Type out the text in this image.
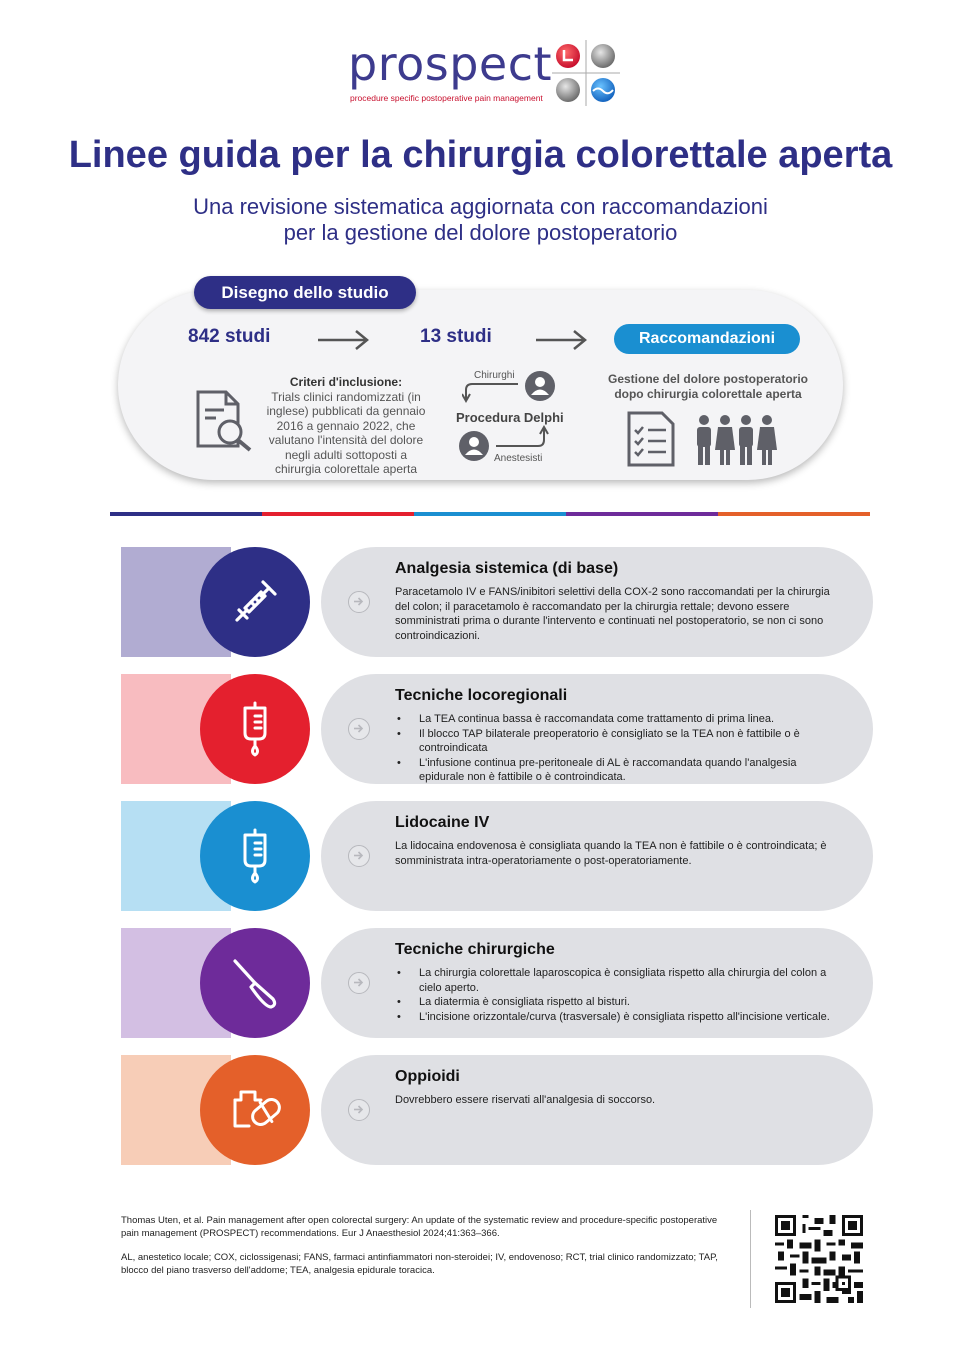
prospect
procedure specific postoperative pain management
Linee guida per la chirurgia colorettale aperta
Una revisione sistematica aggiornata con raccomandazioni
per la gestione del dolore postoperatorio
Disegno dello studio
842 studi	13 studi	Raccomandazioni
Criteri d'inclusione:
Trials clinici randomizzati (in inglese) pubblicati da gennaio 2016 a gennaio 2022, che valutano l'intensità del dolore negli adulti sottoposti a chirurgia colorettale aperta
Chirurghi
Procedura Delphi
Anestesisti
Gestione del dolore postoperatorio dopo chirurgia colorettale aperta
Analgesia sistemica (di base)
Paracetamolo IV e FANS/inibitori selettivi della COX-2 sono raccomandati per la chirurgia del colon; il paracetamolo è raccomandato per la chirurgia rettale; devono essere somministrati prima o durante l'intervento e continuati nel postoperatorio, se non ci sono controindicazioni.
Tecniche locoregionali
• La TEA continua bassa è raccomandata come trattamento di prima linea.
• Il blocco TAP bilaterale preoperatorio è consigliato se la TEA non è fattibile o è controindicata
• L'infusione continua pre-peritoneale di AL è raccomandata quando l'analgesia epidurale non è fattibile o è controindicata.
Lidocaine IV
La lidocaina endovenosa è consigliata quando la TEA non è fattibile o è controindicata; è somministrata intra-operatoriamente o post-operatoriamente.
Tecniche chirurgiche
• La chirurgia colorettale laparoscopica è consigliata rispetto alla chirurgia del colon a cielo aperto.
• La diatermia è consigliata rispetto al bisturi.
• L'incisione orizzontale/curva (trasversale) è consigliata rispetto all'incisione verticale.
Oppioidi
Dovrebbero essere riservati all'analgesia di soccorso.
Thomas Uten, et al. Pain management after open colorectal surgery: An update of the systematic review and procedure-specific postoperative pain management (PROSPECT) recommendations. Eur J Anaesthesiol 2024;41:363–366.
AL, anestetico locale; COX, ciclossigenasi; FANS, farmaci antinfiammatori non-steroidei; IV, endovenoso; RCT, trial clinico randomizzato; TAP, blocco del piano trasverso dell'addome; TEA, analgesia epidurale toracica.
